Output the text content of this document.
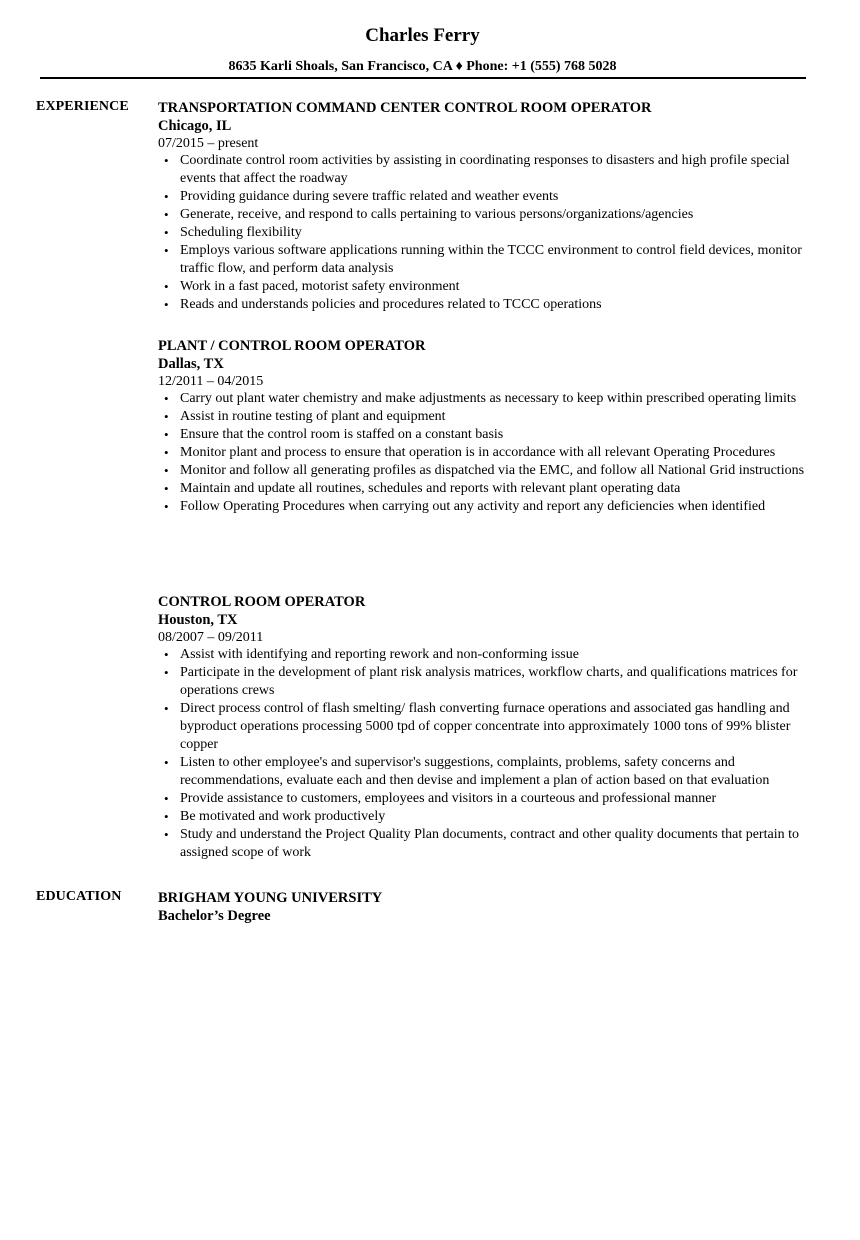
Charles Ferry
8635 Karli Shoals, San Francisco, CA ♦ Phone: +1 (555) 768 5028
EXPERIENCE TRANSPORTATION COMMAND CENTER CONTROL ROOM OPERATOR
Chicago, IL
07/2015 – present
• Coordinate control room activities by assisting in coordinating responses to disasters and high profile special events that affect the roadway
• Providing guidance during severe traffic related and weather events
• Generate, receive, and respond to calls pertaining to various persons/organizations/agencies
• Scheduling flexibility
• Employs various software applications running within the TCCC environment to control field devices, monitor traffic flow, and perform data analysis
• Work in a fast paced, motorist safety environment
• Reads and understands policies and procedures related to TCCC operations
PLANT / CONTROL ROOM OPERATOR
Dallas, TX
12/2011 – 04/2015
• Carry out plant water chemistry and make adjustments as necessary to keep within prescribed operating limits
• Assist in routine testing of plant and equipment
• Ensure that the control room is staffed on a constant basis
• Monitor plant and process to ensure that operation is in accordance with all relevant Operating Procedures
• Monitor and follow all generating profiles as dispatched via the EMC, and follow all National Grid instructions
• Maintain and update all routines, schedules and reports with relevant plant operating data
• Follow Operating Procedures when carrying out any activity and report any deficiencies when identified
CONTROL ROOM OPERATOR
Houston, TX
08/2007 – 09/2011
• Assist with identifying and reporting rework and non-conforming issue
• Participate in the development of plant risk analysis matrices, workflow charts, and qualifications matrices for operations crews
• Direct process control of flash smelting/ flash converting furnace operations and associated gas handling and byproduct operations processing 5000 tpd of copper concentrate into approximately 1000 tons of 99% blister copper
• Listen to other employee's and supervisor's suggestions, complaints, problems, safety concerns and recommendations, evaluate each and then devise and implement a plan of action based on that evaluation
• Provide assistance to customers, employees and visitors in a courteous and professional manner
• Be motivated and work productively
• Study and understand the Project Quality Plan documents, contract and other quality documents that pertain to assigned scope of work
EDUCATION	BRIGHAM YOUNG UNIVERSITY
Bachelor’s Degree
